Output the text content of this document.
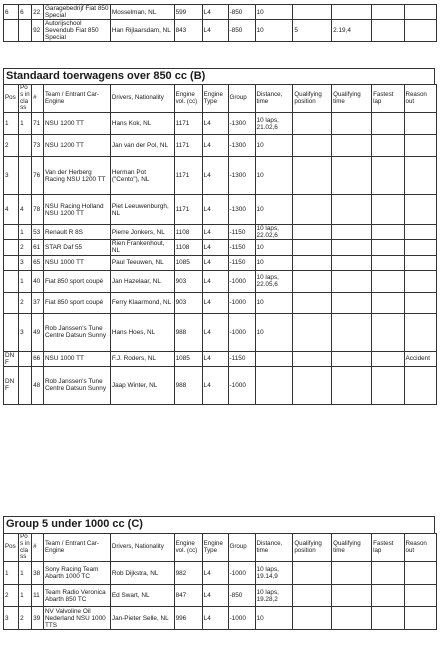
6	6	22	Garagebedrijf Fiat 850 Special	Mosselman, NL	599	L4	-850	10				
		92	Autorijschool Sevendub Fiat 850 Special	Han Rijlaarsdam, NL	843	L4	-850	10	5	2.19,4		
Standaard toerwagens over 850 cc (B)
Pos	Pos in class	#	Team / Entrant Car- Engine	Drivers, Nationality	Engine vol. (cc)	Engine Type	Group	Distance, time	Qualifying position	Qualifying time	Fastest lap	Reason out
1	1	71	NSU 1200 TT	Hans Kok, NL	1171	L4	-1300	10 laps, 21.02,6				
2		73	NSU 1200 TT	Jan van der Pol, NL	1171	L4	-1300	10				
3		76	Van der Herberg Racing NSU 1200 TT	Herman Pot ("Cento"), NL	1171	L4	-1300	10				
4	4	78	NSU Racing Holland NSU 1200 TT	Piet Leeuwenburgh, NL	1171	L4	-1300	10				
	1	53	Renault R 8S	Pierre Jonkers, NL	1108	L4	-1150	10 laps, 22.02,6				
	2	61	STAR Daf 55	Rien Frankenhout, NL	1108	L4	-1150	10				
	3	65	NSU 1000 TT	Paul Teeuwen, NL	1085	L4	-1150	10				
	1	40	Fiat 850 sport coupé	Jan Hazelaar, NL	903	L4	-1000	10 laps, 22.05,6				
	2	37	Fiat 850 sport coupé	Ferry Klaarmond, NL	903	L4	-1000	10				
	3	49	Rob Janssen's Tune Centre Datsun Sunny	Hans Hoes, NL	988	L4	-1000	10				
DNF		66	NSU 1000 TT	F.J. Roders, NL	1085	L4	-1150					Accident
DNF		48	Rob Janssen's Tune Centre Datsun Sunny	Jaap Winter, NL	988	L4	-1000					
Group 5 under 1000 cc (C)
Pos	Pos in class	#	Team / Entrant Car- Engine	Drivers, Nationality	Engine vol. (cc)	Engine Type	Group	Distance, time	Qualifying position	Qualifying time	Fastest lap	Reason out
1	1	38	Sony Racing Team Abarth 1000 TC	Rob Dijkstra, NL	982	L4	-1000	10 laps, 19.14,9				
2	1	11	Team Radio Veronica Abarth 850 TC	Ed Swart, NL	847	L4	-850	10 laps, 19.28,2				
3	2	39	NV Valvoline Oil Nederland NSU 1000 TTS	Jan-Pieter Selle, NL	996	L4	-1000	10				
